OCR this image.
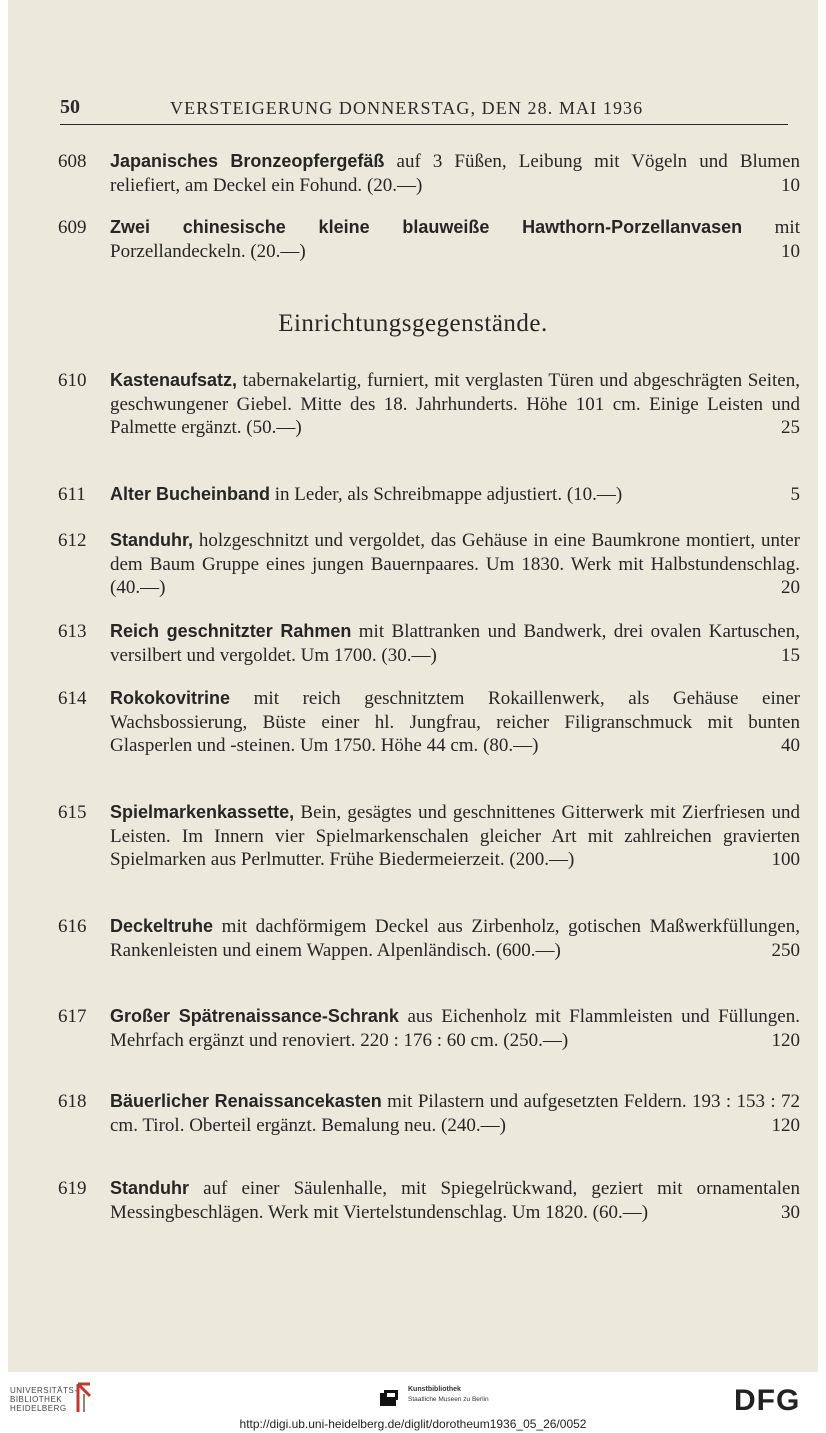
50	VERSTEIGERUNG DONNERSTAG, DEN 28. MAI 1936
Einrichtungsgegenstände.
608	Japanisches Bronzeopfergefäß auf 3 Füßen, Leibung mit Vögeln und Blumen reliefiert, am Deckel ein Fohund. (20.—)	10
609	Zwei chinesische kleine blauweiße Hawthorn-Porzellanvasen mit Porzellandeckeln. (20.—)	10
610	Kastenaufsatz, tabernakelartig, furniert, mit verglasten Türen und abgeschrägten Seiten, geschwungener Giebel. Mitte des 18. Jahrhunderts. Höhe 101 cm. Einige Leisten und Palmette ergänzt. (50.—)	25
611	Alter Bucheinband in Leder, als Schreibmappe adjustiert. (10.—)	5
612	Standuhr, holzgeschnitzt und vergoldet, das Gehäuse in eine Baumkrone montiert, unter dem Baum Gruppe eines jungen Bauernpaares. Um 1830. Werk mit Halbstundenschlag. (40.—)	20
613	Reich geschnitzter Rahmen mit Blattranken und Bandwerk, drei ovalen Kartuschen, versilbert und vergoldet. Um 1700. (30.—)	15
614	Rokokovitrine mit reich geschnitztem Rokaillenwerk, als Gehäuse einer Wachsbossierung, Büste einer hl. Jungfrau, reicher Filigranschmuck mit bunten Glasperlen und -steinen. Um 1750. Höhe 44 cm. (80.—)	40
615	Spielmarkenkassette, Bein, gesägtes und geschnittenes Gitterwerk mit Zierfriesen und Leisten. Im Innern vier Spielmarkenschalen gleicher Art mit zahlreichen gravierten Spielmarken aus Perlmutter. Frühe Biedermeierzeit. (200.—)	100
616	Deckeltruhe mit dachförmigem Deckel aus Zirbenholz, gotischen Maßwerkfüllungen, Rankenleisten und einem Wappen. Alpenländisch. (600.—)	250
617	Großer Spätrenaissance-Schrank aus Eichenholz mit Flammleisten und Füllungen. Mehrfach ergänzt und renoviert. 220 : 176 : 60 cm. (250.—)	120
618	Bäuerlicher Renaissancekasten mit Pilastern und aufgesetzten Feldern. 193 : 153 : 72 cm. Tirol. Oberteil ergänzt. Bemalung neu. (240.—)	120
619	Standuhr auf einer Säulenhalle, mit Spiegelrückwand, geziert mit ornamentalen Messingbeschlägen. Werk mit Viertelstundenschlag. Um 1820. (60.—)	30
UNIVERSITÄTS-
BIBLIOTHEK
HEIDELBERG
Kunstbibliothek
Staatliche Museen zu Berlin	DFG
http://digi.ub.uni-heidelberg.de/diglit/dorotheum1936_05_26/0052
